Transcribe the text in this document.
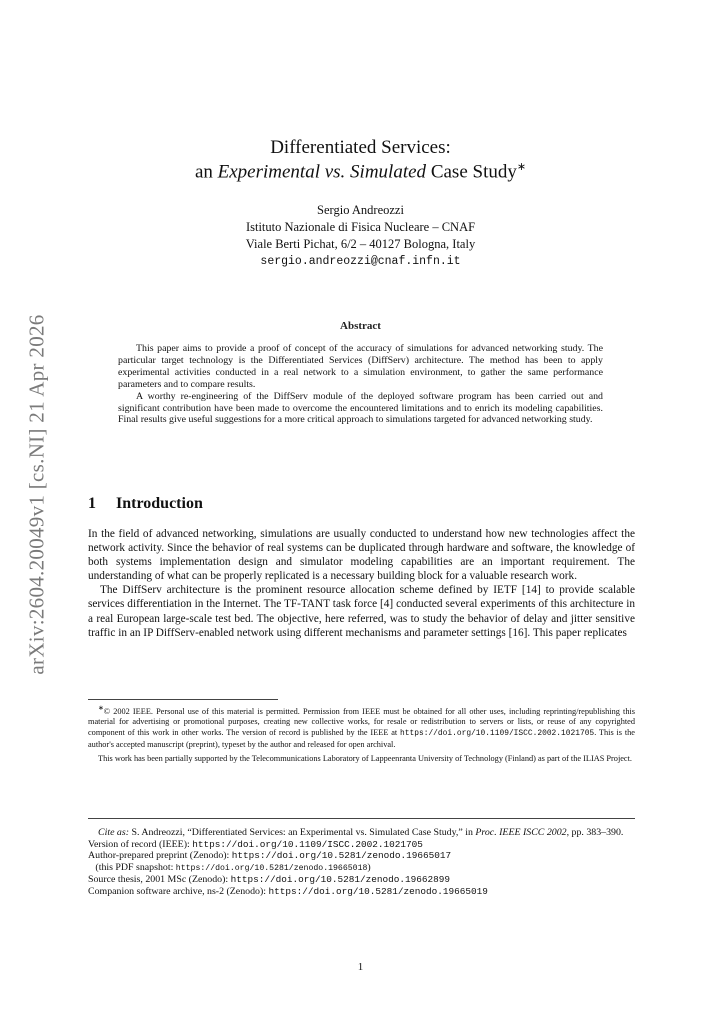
arXiv:2604.20049v1 [cs.NI] 21 Apr 2026
Differentiated Services:
an Experimental vs. Simulated Case Study∗
Sergio Andreozzi
Istituto Nazionale di Fisica Nucleare – CNAF
Viale Berti Pichat, 6/2 – 40127 Bologna, Italy
sergio.andreozzi@cnaf.infn.it
Abstract

This paper aims to provide a proof of concept of the accuracy of simulations for advanced networking study. The particular target technology is the Differentiated Services (DiffServ) architecture. The method has been to apply experimental activities conducted in a real network to a simulation environment, to gather the same performance parameters and to compare results.

A worthy re-engineering of the DiffServ module of the deployed software program has been carried out and significant contribution have been made to overcome the encountered limitations and to enrich its modeling capabilities. Final results give useful suggestions for a more critical approach to simulations targeted for advanced networking study.

1 Introduction

In the field of advanced networking, simulations are usually conducted to understand how new technologies affect the network activity. Since the behavior of real systems can be duplicated through hardware and software, the knowledge of both systems implementation design and simulator modeling capabilities are an important requirement. The understanding of what can be properly replicated is a necessary building block for a valuable research work.

The DiffServ architecture is the prominent resource allocation scheme defined by IETF [14] to provide scalable services differentiation in the Internet. The TF-TANT task force [4] conducted several experiments of this architecture in a real European large-scale test bed. The objective, here referred, was to study the behavior of delay and jitter sensitive traffic in an IP DiffServ-enabled network using different mechanisms and parameter settings [16]. This paper replicates

∗© 2002 IEEE. Personal use of this material is permitted. Permission from IEEE must be obtained for all other uses, including reprinting/republishing this material for advertising or promotional purposes, creating new collective works, for resale or redistribution to servers or lists, or reuse of any copyrighted component of this work in other works. The version of record is published by the IEEE at https://doi.org/10.1109/ISCC.2002.1021705. This is the author's accepted manuscript (preprint), typeset by the author and released for open archival.

This work has been partially supported by the Telecommunications Laboratory of Lappeenranta University of Technology (Finland) as part of the ILIAS Project.

Cite as: S. Andreozzi, “Differentiated Services: an Experimental vs. Simulated Case Study,” in Proc. IEEE ISCC 2002, pp. 383–390.

Version of record (IEEE): https://doi.org/10.1109/ISCC.2002.1021705

Author-prepared preprint (Zenodo): https://doi.org/10.5281/zenodo.19665017   (this PDF snapshot: https://doi.org/10.5281/zenodo.19665018)

Source thesis, 2001 MSc (Zenodo): https://doi.org/10.5281/zenodo.19662899

Companion software archive, ns-2 (Zenodo): https://doi.org/10.5281/zenodo.19665019

1
